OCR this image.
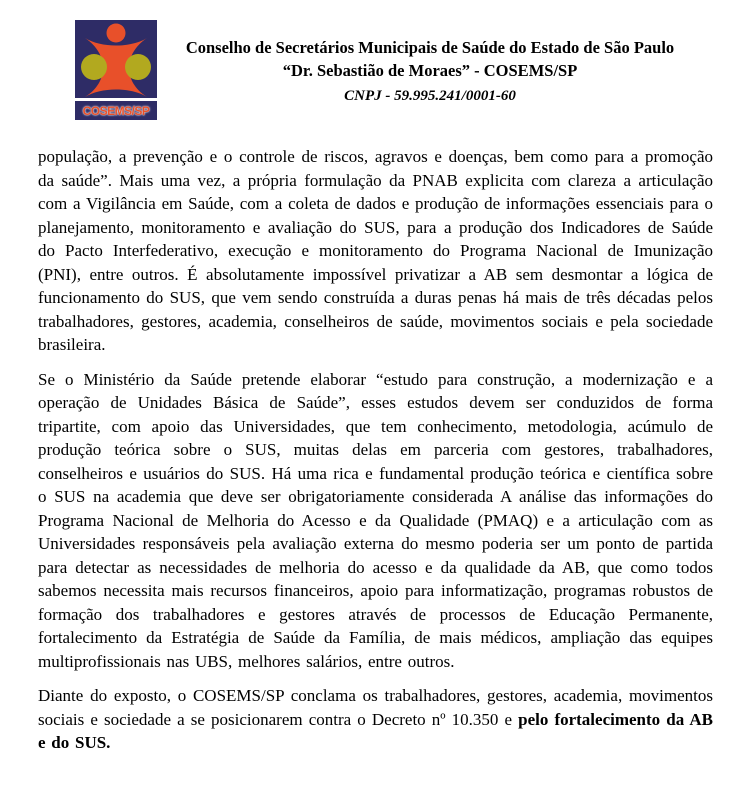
COSEMS/SP
Conselho de Secretários Municipais de Saúde do Estado de São Paulo
“Dr. Sebastião de Moraes” - COSEMS/SP
CNPJ - 59.995.241/0001-60

população, a prevenção e o controle de riscos, agravos e doenças, bem como para a promoção da saúde”. Mais uma vez, a própria formulação da PNAB explicita com clareza a articulação com a Vigilância em Saúde, com a coleta de dados e produção de informações essenciais para o planejamento, monitoramento e avaliação do SUS, para a produção dos Indicadores de Saúde do Pacto Interfederativo, execução e monitoramento do Programa Nacional de Imunização (PNI), entre outros. É absolutamente impossível privatizar a AB sem desmontar a lógica de funcionamento do SUS, que vem sendo construída a duras penas há mais de três décadas pelos trabalhadores, gestores, academia, conselheiros de saúde, movimentos sociais e pela sociedade brasileira.

Se o Ministério da Saúde pretende elaborar “estudo para construção, a modernização e a operação de Unidades Básica de Saúde”, esses estudos devem ser conduzidos de forma tripartite, com apoio das Universidades, que tem conhecimento, metodologia, acúmulo de produção teórica sobre o SUS, muitas delas em parceria com gestores, trabalhadores, conselheiros e usuários do SUS. Há uma rica e fundamental produção teórica e científica sobre o SUS na academia que deve ser obrigatoriamente considerada A análise das informações do Programa Nacional de Melhoria do Acesso e da Qualidade (PMAQ) e a articulação com as Universidades responsáveis pela avaliação externa do mesmo poderia ser um ponto de partida para detectar as necessidades de melhoria do acesso e da qualidade da AB, que como todos sabemos necessita mais recursos financeiros, apoio para informatização, programas robustos de formação dos trabalhadores e gestores através de processos de Educação Permanente, fortalecimento da Estratégia de Saúde da Família, de mais médicos, ampliação das equipes multiprofissionais nas UBS, melhores salários, entre outros.

Diante do exposto, o COSEMS/SP conclama os trabalhadores, gestores, academia, movimentos sociais e sociedade a se posicionarem contra o Decreto nº 10.350 e pelo fortalecimento da AB e do SUS.
